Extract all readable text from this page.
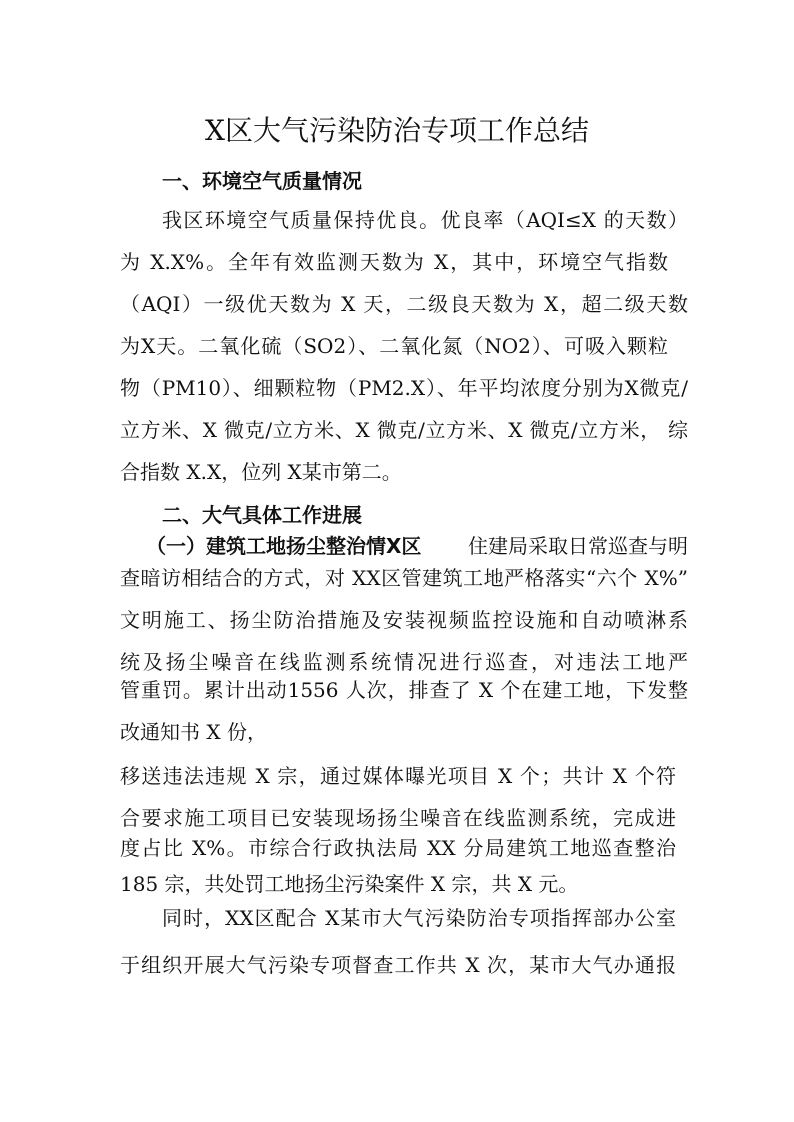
X区大气污染防治专项工作总结
一、环境空气质量情况
我区环境空气质量保持优良。优良率（AQI≤X 的天数）
为 X.X%。全年有效监测天数为 X，其中，环境空气指数
（AQI）一级优天数为 X 天，二级良天数为 X，超二级天数
为X天。二氧化硫（SO2）、二氧化氮（NO2）、可吸入颗粒
物（PM10）、细颗粒物（PM2.X）、年平均浓度分别为X微克/
立方米、X 微克/立方米、X 微克/立方米、X 微克/立方米， 综
合指数 X.X，位列 X某市第二。
二、大气具体工作进展
（一）建筑工地扬尘整治情X区 住建局采取日常巡查与明
查暗访相结合的方式，对 XX区管建筑工地严格落实“六个 X%”
文明施工、扬尘防治措施及安装视频监控设施和自动喷淋系
统及扬尘噪音在线监测系统情况进行巡查，对违法工地严
管重罚。累计出动1556 人次，排查了 X 个在建工地，下发整
改通知书 X 份，
移送违法违规 X 宗，通过媒体曝光项目 X 个；共计 X 个符
合要求施工项目已安装现场扬尘噪音在线监测系统，完成进
度占比 X%。市综合行政执法局 XX 分局建筑工地巡查整治
185 宗，共处罚工地扬尘污染案件 X 宗，共 X 元。
同时，XX区配合 X某市大气污染防治专项指挥部办公室
于组织开展大气污染专项督查工作共 X 次，某市大气办通报
